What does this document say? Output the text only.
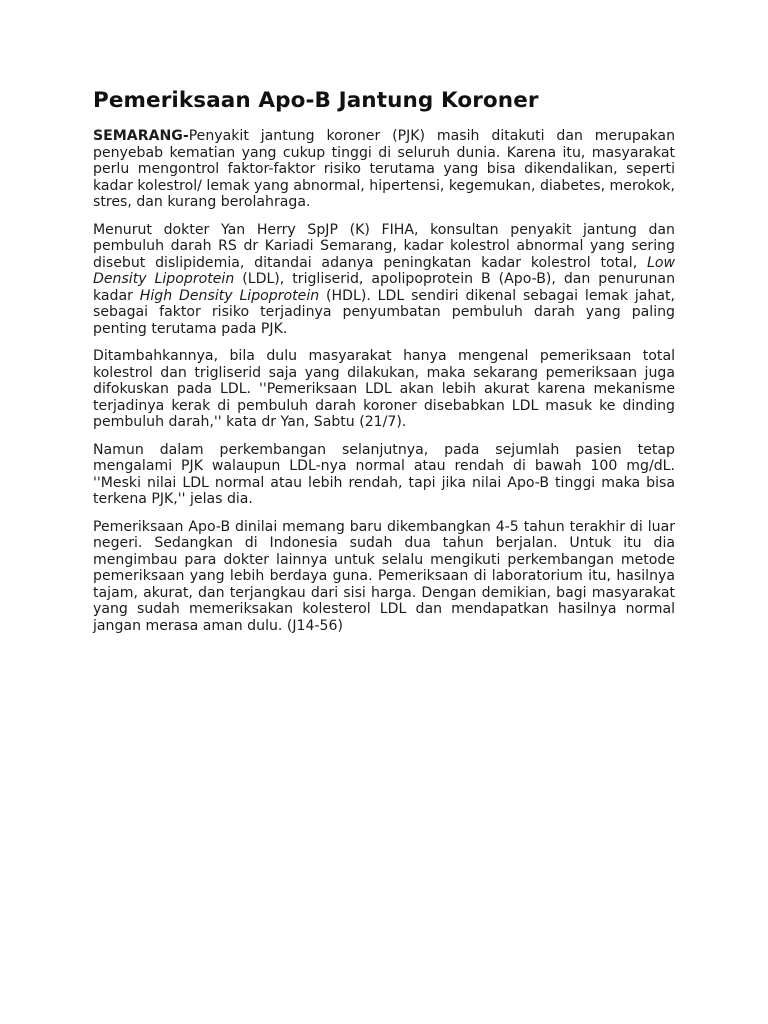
Pemeriksaan Apo-B Jantung Koroner

SEMARANG-Penyakit jantung koroner (PJK) masih ditakuti dan merupakan penyebab kematian yang cukup tinggi di seluruh dunia. Karena itu, masyarakat perlu mengontrol faktor-faktor risiko terutama yang bisa dikendalikan, seperti kadar kolestrol/ lemak yang abnormal, hipertensi, kegemukan, diabetes, merokok, stres, dan kurang berolahraga.

Menurut dokter Yan Herry SpJP (K) FIHA, konsultan penyakit jantung dan pembuluh darah RS dr Kariadi Semarang, kadar kolestrol abnormal yang sering disebut dislipidemia, ditandai adanya peningkatan kadar kolestrol total, Low Density Lipoprotein (LDL), trigliserid, apolipoprotein B (Apo-B), dan penurunan kadar High Density Lipoprotein (HDL). LDL sendiri dikenal sebagai lemak jahat, sebagai faktor risiko terjadinya penyumbatan pembuluh darah yang paling penting terutama pada PJK.

Ditambahkannya, bila dulu masyarakat hanya mengenal pemeriksaan total kolestrol dan trigliserid saja yang dilakukan, maka sekarang pemeriksaan juga difokuskan pada LDL. ''Pemeriksaan LDL akan lebih akurat karena mekanisme terjadinya kerak di pembuluh darah koroner disebabkan LDL masuk ke dinding pembuluh darah,'' kata dr Yan, Sabtu (21/7).

Namun dalam perkembangan selanjutnya, pada sejumlah pasien tetap mengalami PJK walaupun LDL-nya normal atau rendah di bawah 100 mg/dL. ''Meski nilai LDL normal atau lebih rendah, tapi jika nilai Apo-B tinggi maka bisa terkena PJK,'' jelas dia.

Pemeriksaan Apo-B dinilai memang baru dikembangkan 4-5 tahun terakhir di luar negeri. Sedangkan di Indonesia sudah dua tahun berjalan. Untuk itu dia mengimbau para dokter lainnya untuk selalu mengikuti perkembangan metode pemeriksaan yang lebih berdaya guna. Pemeriksaan di laboratorium itu, hasilnya tajam, akurat, dan terjangkau dari sisi harga. Dengan demikian, bagi masyarakat yang sudah memeriksakan kolesterol LDL dan mendapatkan hasilnya normal jangan merasa aman dulu. (J14-56)
